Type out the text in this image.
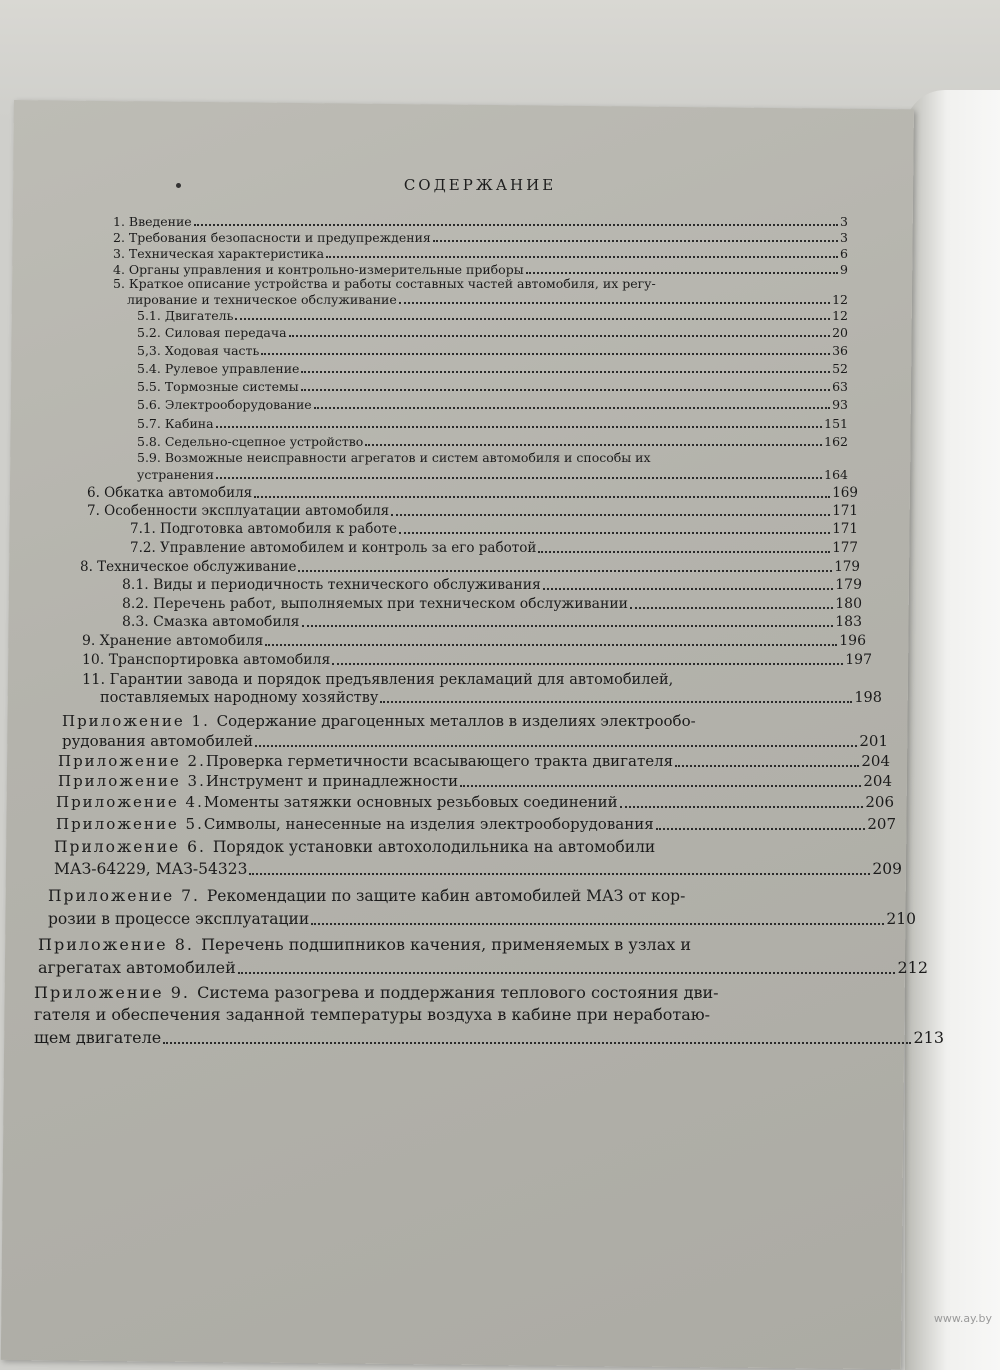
СОДЕРЖАНИЕ
1. Введение	3
2. Требования безопасности и предупреждения	3
3. Техническая характеристика	6
4. Органы управления и контрольно-измерительные приборы	9
5. Краткое описание устройства и работы составных частей автомобиля, их регу-
лирование и техническое обслуживание	12
5.1. Двигатель	12
5.2. Силовая передача	20
5,3. Ходовая часть	36
5.4. Рулевое управление	52
5.5. Тормозные системы	63
5.6. Электрооборудование	93
5.7. Кабина	151
5.8. Седельно-сцепное устройство	162
5.9. Возможные неисправности агрегатов и систем автомобиля и способы их
устранения	164
6. Обкатка автомобиля	169
7. Особенности эксплуатации автомобиля	171
7.1. Подготовка автомобиля к работе	171
7.2. Управление автомобилем и контроль за его работой	177
8. Техническое обслуживание	179
8.1. Виды и периодичность технического обслуживания	179
8.2. Перечень работ, выполняемых при техническом обслуживании	180
8.3. Смазка автомобиля	183
9. Хранение автомобиля	196
10. Транспортировка автомобиля	197
11. Гарантии завода и порядок предъявления рекламаций для автомобилей,
поставляемых народному хозяйству	198
Приложение 1. Содержание драгоценных металлов в изделиях электрообо-
рудования автомобилей	201
Приложение 2. Проверка герметичности всасывающего тракта двигателя	204
Приложение 3. Инструмент и принадлежности	204
Приложение 4. Моменты затяжки основных резьбовых соединений	206
Приложение 5. Символы, нанесенные на изделия электрооборудования	207
Приложение 6. Порядок установки автохолодильника на автомобили
МАЗ-64229, МАЗ-54323	209
Приложение 7. Рекомендации по защите кабин автомобилей МАЗ от кор-
розии в процессе эксплуатации	210
Приложение 8. Перечень подшипников качения, применяемых в узлах и
агрегатах автомобилей	212
Приложение 9. Система разогрева и поддержания теплового состояния дви-
гателя и обеспечения заданной температуры воздуха в кабине при неработаю-
щем двигателе	213
www.ay.by
